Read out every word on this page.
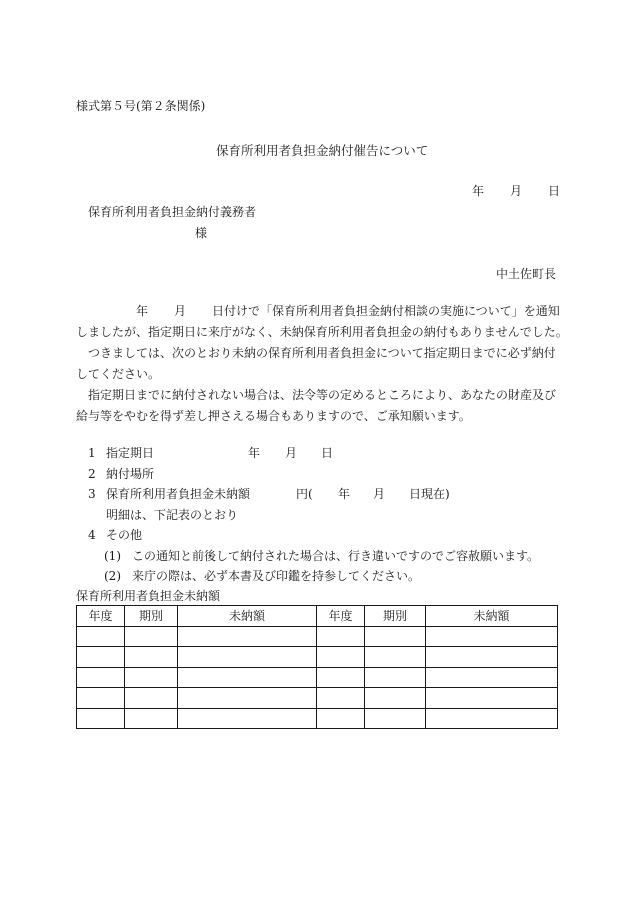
様式第５号(第２条関係)
保育所利用者負担金納付催告について
年 月 日
保育所利用者負担金納付義務者
様
中土佐町長
年 月 日付けで「保育所利用者負担金納付相談の実施について」を通知
しましたが、指定期日に来庁がなく、未納保育所利用者負担金の納付もありませんでした。
つきましては、次のとおり未納の保育所利用者負担金について指定期日までに必ず納付
してください。
指定期日までに納付されない場合は、法令等の定めるところにより、あなたの財産及び
給与等をやむを得ず差し押さえる場合もありますので、ご承知願います。
1 指定期日	年 月 日
2 納付場所
3 保育所利用者負担金未納額	円( 年 月 日現在)
明細は、下記表のとおり
4 その他
(1) この通知と前後して納付された場合は、行き違いですのでご容赦願います。
(2) 来庁の際は、必ず本書及び印鑑を持参してください。
保育所利用者負担金未納額
年度	期別	未納額	年度	期別	未納額
